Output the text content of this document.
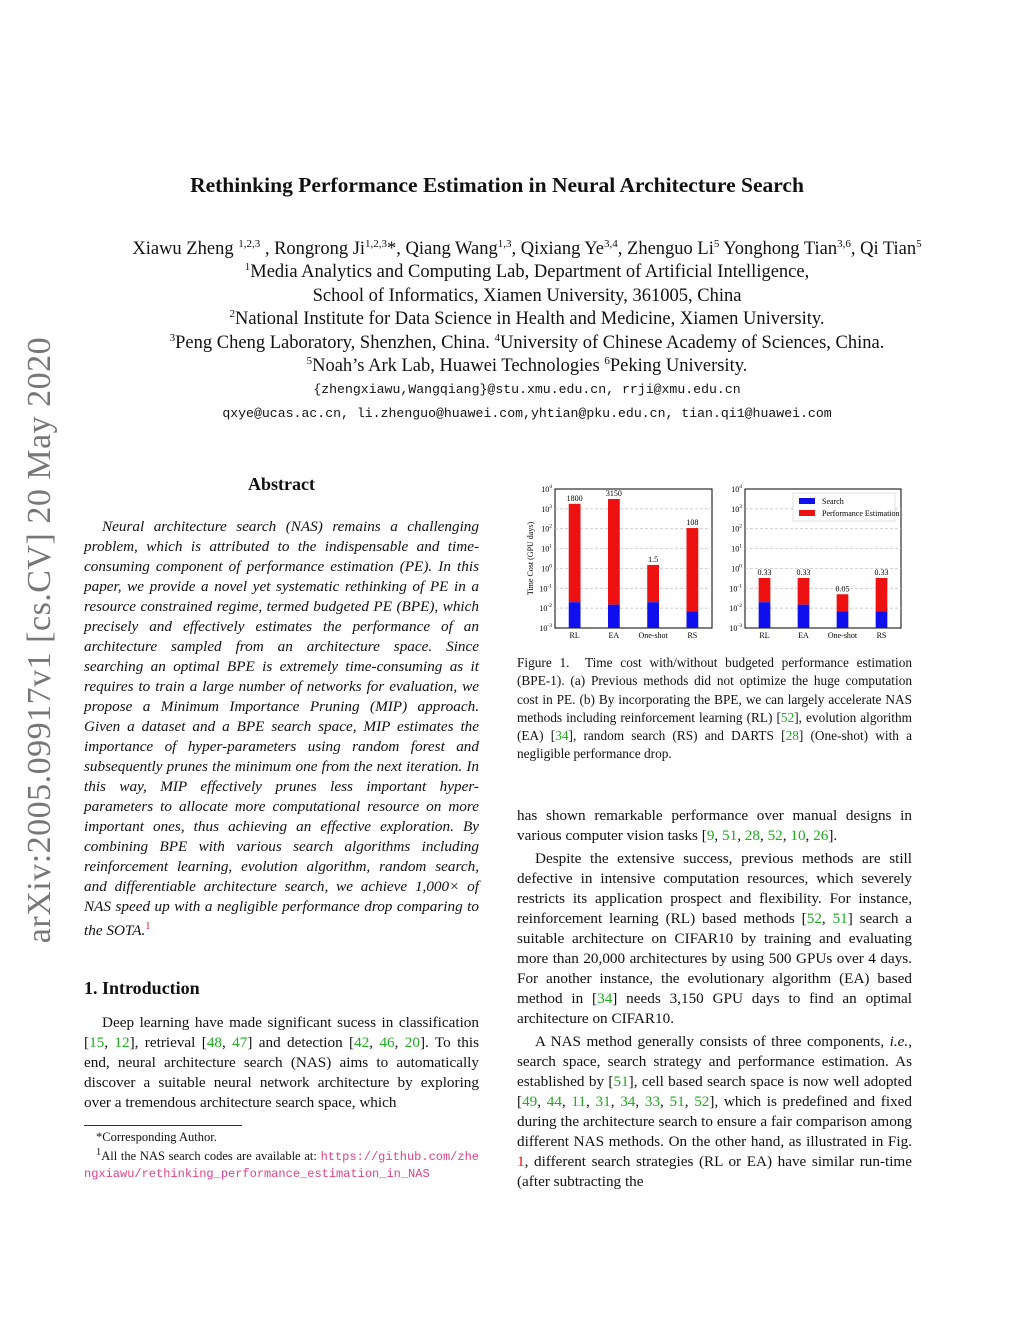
arXiv:2005.09917v1 [cs.CV] 20 May 2020
Rethinking Performance Estimation in Neural Architecture Search
Xiawu Zheng $^{1,2,3}$ , Rongrong Ji$^{1,2,3}$*, Qiang Wang$^{1,3}$, Qixiang Ye$^{3,4}$, Zhenguo Li$^5$ Yonghong Tian$^{3,6}$, Qi Tian$^5$
$^1$Media Analytics and Computing Lab, Department of Artificial Intelligence,
School of Informatics, Xiamen University, 361005, China
$^2$National Institute for Data Science in Health and Medicine, Xiamen University.
$^3$Peng Cheng Laboratory, Shenzhen, China. $^4$University of Chinese Academy of Sciences, China.
$^5$Noah’s Ark Lab, Huawei Technologies $^6$Peking University.
{zhengxiawu,Wangqiang}@stu.xmu.edu.cn, rrji@xmu.edu.cn
qxye@ucas.ac.cn, li.zhenguo@huawei.com,yhtian@pku.edu.cn, tian.qi1@huawei.com
Abstract

Neural architecture search (NAS) remains a challenging problem, which is attributed to the indispensable and time-consuming component of performance estimation (PE). In this paper, we provide a novel yet systematic rethinking of PE in a resource constrained regime, termed budgeted PE (BPE), which precisely and effectively estimates the performance of an architecture sampled from an architecture space. Since searching an optimal BPE is extremely time-consuming as it requires to train a large number of networks for evaluation, we propose a Minimum Importance Pruning (MIP) approach. Given a dataset and a BPE search space, MIP estimates the importance of hyper-parameters using random forest and subsequently prunes the minimum one from the next iteration. In this way, MIP effectively prunes less important hyper-parameters to allocate more computational resource on more important ones, thus achieving an effective exploration. By combining BPE with various search algorithms including reinforcement learning, evolution algorithm, random search, and differentiable architecture search, we achieve 1,000× of NAS speed up with a negligible performance drop comparing to the SOTA.$^1$

1. Introduction

Deep learning have made significant sucess in classification [15, 12], retrieval [48, 47] and detection [42, 46, 20]. To this end, neural architecture search (NAS) aims to automatically discover a suitable neural network architecture by exploring over a tremendous architecture search space, which

*Corresponding Author.

$^1$All the NAS search codes are available at: https://github.com/zhengxiawu/rethinking_performance_estimation_in_NAS

$10^{-3}$
$10^{-2}$
$10^{-1}$
$10^0$
$10^1$
$10^2$
$10^3$
$10^4$
Time Cost (GPU days)
1800
RL
3150
EA
1.5
One-shot
108
RS
$10^{-3}$
$10^{-2}$
$10^{-1}$
$10^0$
$10^1$
$10^2$
$10^3$
$10^4$
0.33
RL
0.33
EA
0.05
One-shot
0.33
RS
Search
Performance Estimation
Figure 1. Time cost with/without budgeted performance estimation (BPE-1). (a) Previous methods did not optimize the huge computation cost in PE. (b) By incorporating the BPE, we can largely accelerate NAS methods including reinforcement learning (RL) [52], evolution algorithm (EA) [34], random search (RS) and DARTS [28] (One-shot) with a negligible performance drop.

has shown remarkable performance over manual designs in various computer vision tasks [9, 51, 28, 52, 10, 26].

Despite the extensive success, previous methods are still defective in intensive computation resources, which severely restricts its application prospect and flexibility. For instance, reinforcement learning (RL) based methods [52, 51] search a suitable architecture on CIFAR10 by training and evaluating more than 20,000 architectures by using 500 GPUs over 4 days. For another instance, the evolutionary algorithm (EA) based method in [34] needs 3,150 GPU days to find an optimal architecture on CIFAR10.

A NAS method generally consists of three components, i.e., search space, search strategy and performance estimation. As established by [51], cell based search space is now well adopted [49, 44, 11, 31, 34, 33, 51, 52], which is predefined and fixed during the architecture search to ensure a fair comparison among different NAS methods. On the other hand, as illustrated in Fig. 1, different search strategies (RL or EA) have similar run-time (after subtracting the
